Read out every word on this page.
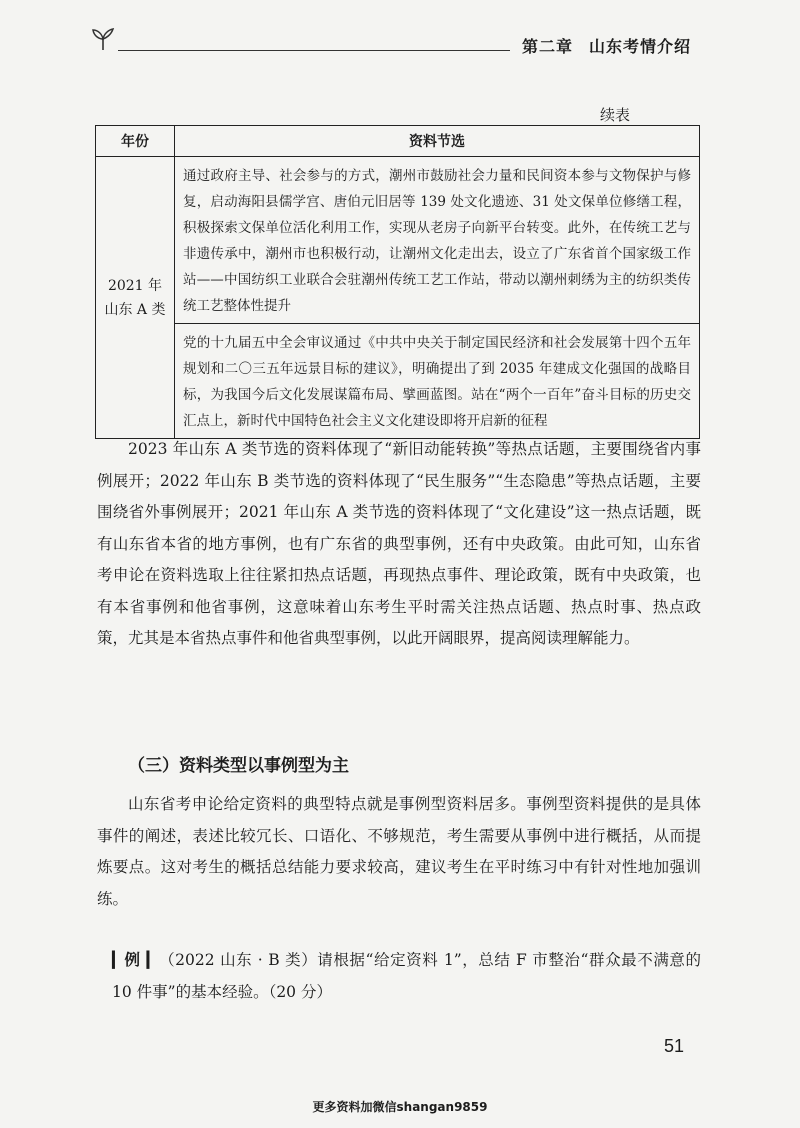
第二章 山东考情介绍
续表
年份	资料节选

2021 年
山东 A 类	通过政府主导、社会参与的方式，潮州市鼓励社会力量和民间资本参与文物保护与修复，启动海阳县儒学宫、唐伯元旧居等 139 处文化遗迹、31 处文保单位修缮工程，积极探索文保单位活化利用工作，实现从老房子向新平台转变。此外，在传统工艺与非遗传承中，潮州市也积极行动，让潮州文化走出去，设立了广东省首个国家级工作站——中国纺织工业联合会驻潮州传统工艺工作站，带动以潮州刺绣为主的纺织类传统工艺整体性提升
	党的十九届五中全会审议通过《中共中央关于制定国民经济和社会发展第十四个五年规划和二〇三五年远景目标的建议》，明确提出了到 2035 年建成文化强国的战略目标，为我国今后文化发展谋篇布局、擘画蓝图。站在“两个一百年”奋斗目标的历史交汇点上，新时代中国特色社会主义文化建设即将开启新的征程

2023 年山东 A 类节选的资料体现了“新旧动能转换”等热点话题，主要围绕省内事例展开；2022 年山东 B 类节选的资料体现了“民生服务”“生态隐患”等热点话题，主要围绕省外事例展开；2021 年山东 A 类节选的资料体现了“文化建设”这一热点话题，既有山东省本省的地方事例，也有广东省的典型事例，还有中央政策。由此可知，山东省考申论在资料选取上往往紧扣热点话题，再现热点事件、理论政策，既有中央政策，也有本省事例和他省事例，这意味着山东考生平时需关注热点话题、热点时事、热点政策，尤其是本省热点事件和他省典型事例，以此开阔眼界，提高阅读理解能力。

（三）资料类型以事例型为主

山东省考申论给定资料的典型特点就是事例型资料居多。事例型资料提供的是具体事件的阐述，表述比较冗长、口语化、不够规范，考生需要从事例中进行概括，从而提炼要点。这对考生的概括总结能力要求较高，建议考生在平时练习中有针对性地加强训练。

▎例 ▎（2022 山东 · B 类）请根据“给定资料 1”，总结 F 市整治“群众最不满意的 10 件事”的基本经验。（20 分）

51
更多资料加微信shangan9859
